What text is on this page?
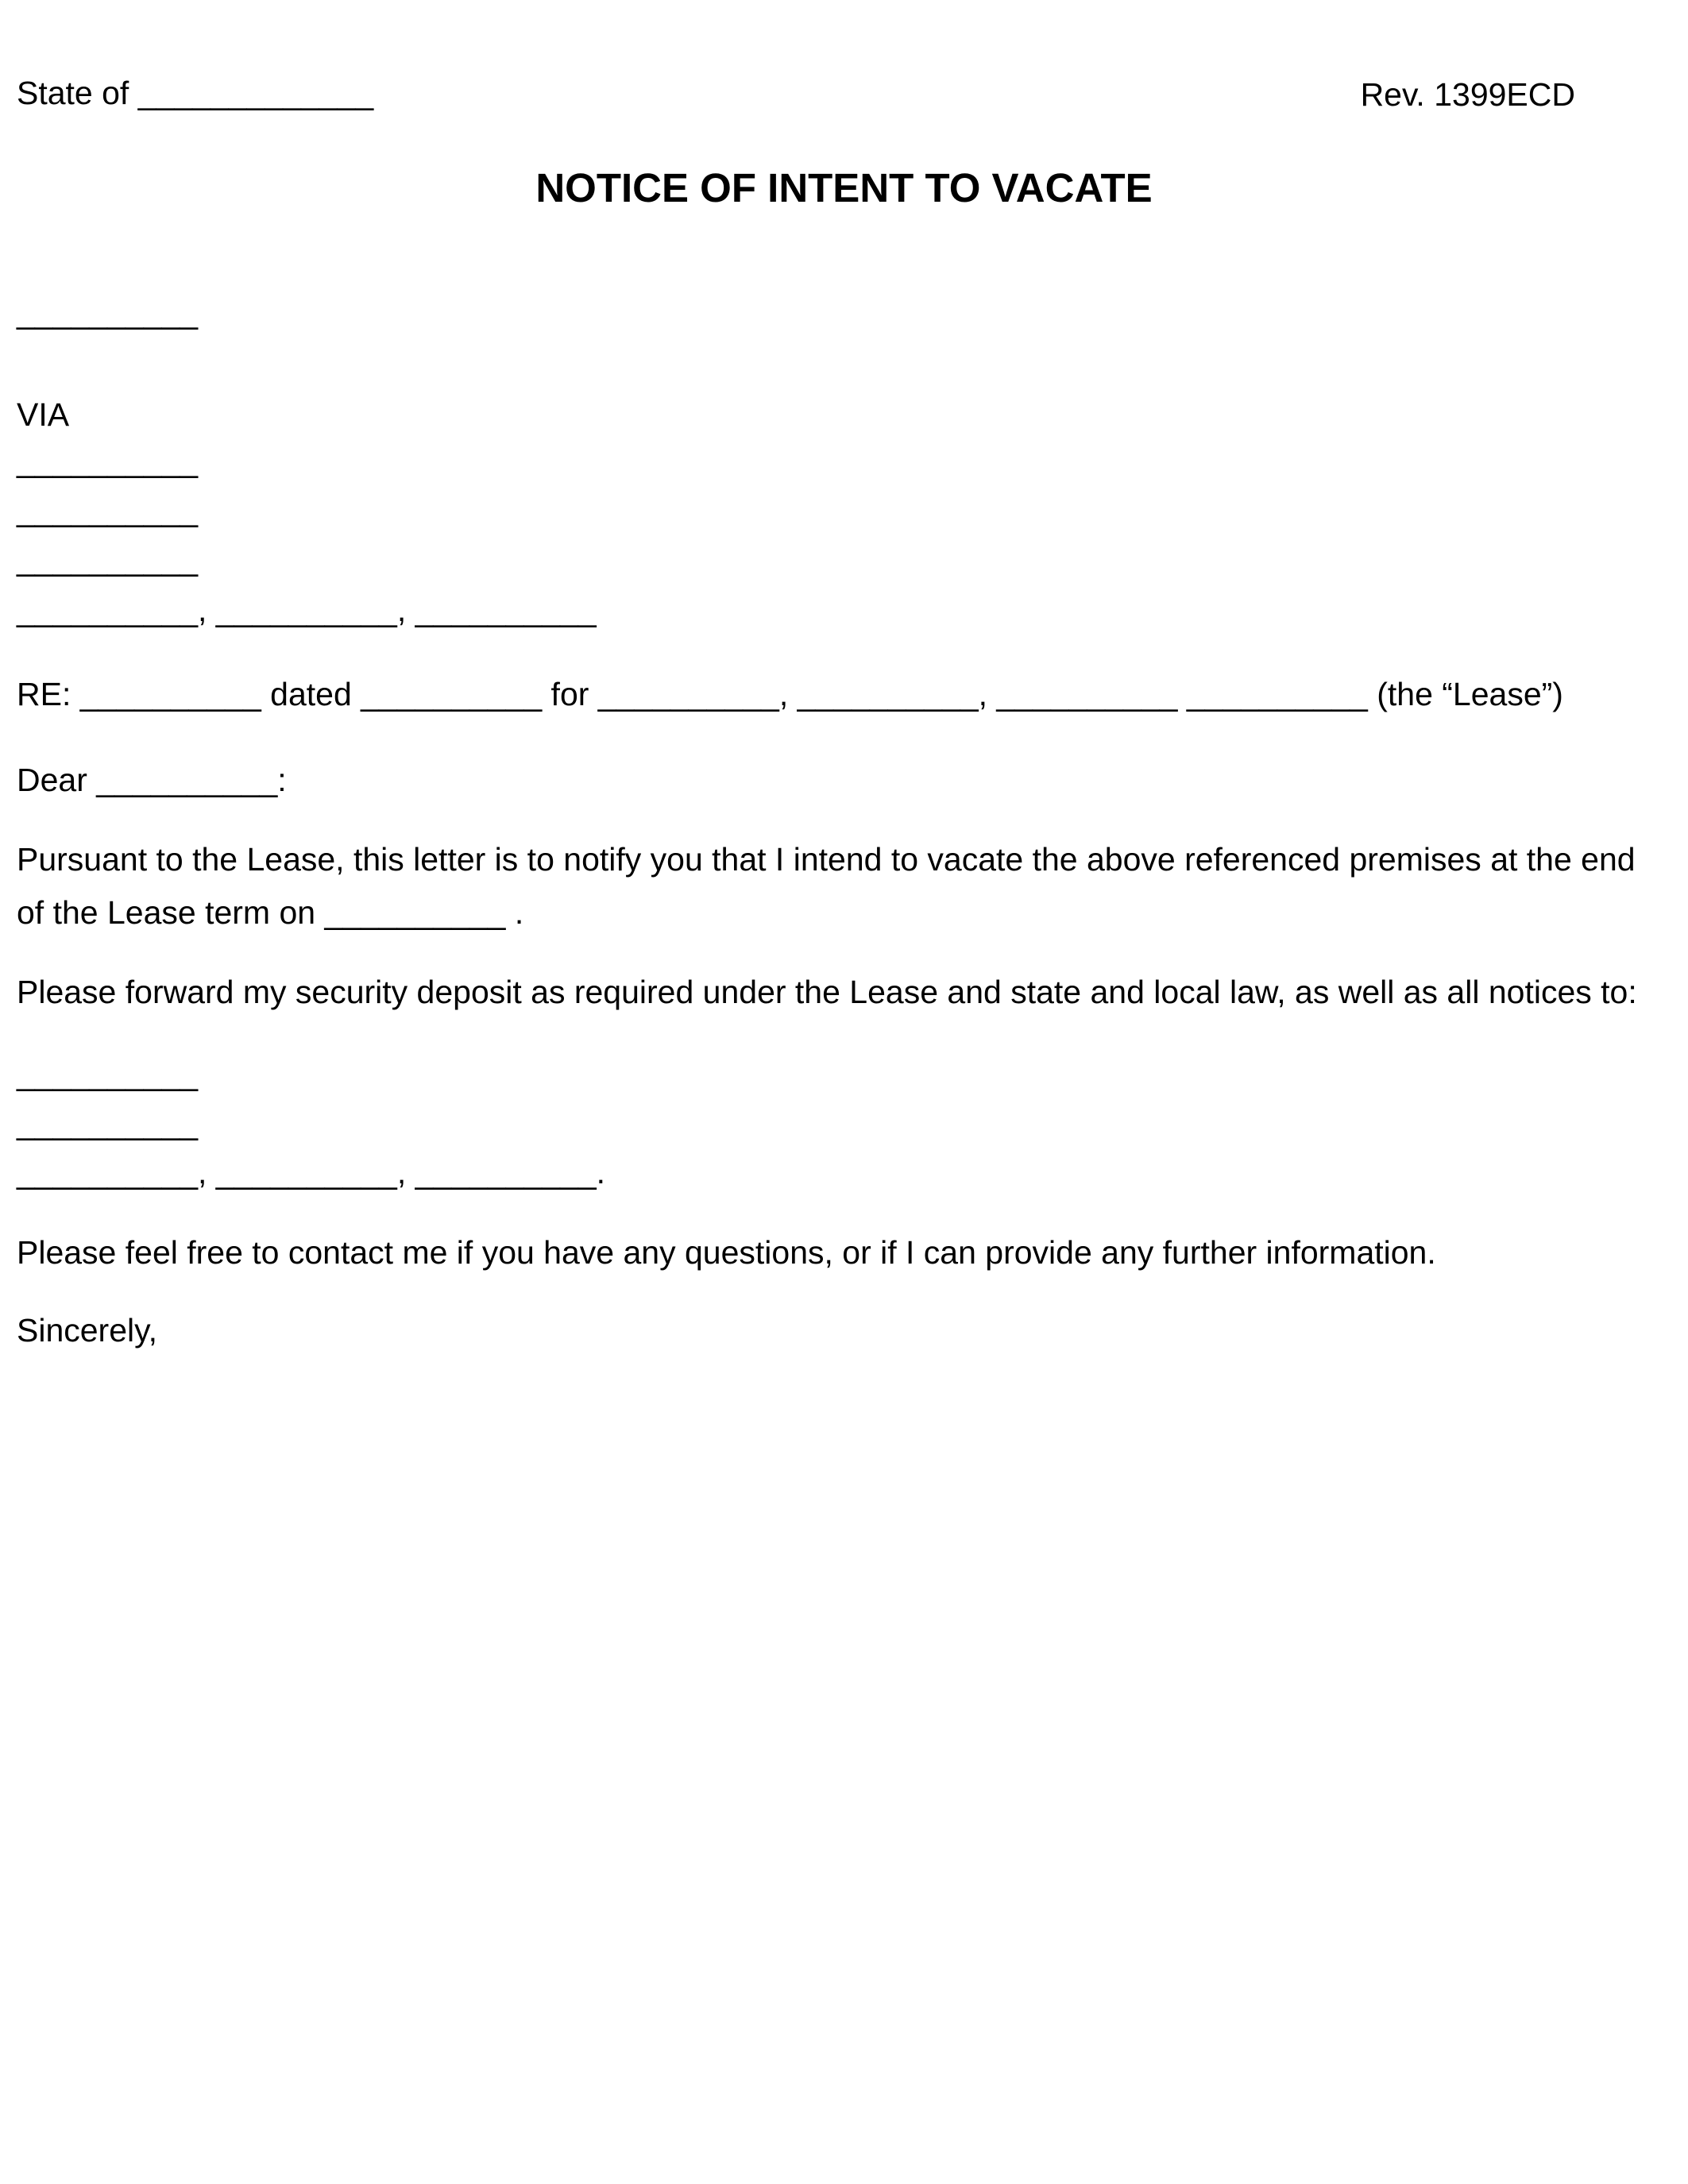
State of _____________	Rev. 1399ECD
NOTICE OF INTENT TO VACATE
__________
VIA
__________
__________
__________
__________, __________, __________
RE: __________ dated __________ for __________, __________, __________ __________ (the “Lease”)
Dear __________:
Pursuant to the Lease, this letter is to notify you that I intend to vacate the above referenced premises at the end
of the Lease term on __________ .
Please forward my security deposit as required under the Lease and state and local law, as well as all notices to:
__________
__________
__________, __________, __________.
Please feel free to contact me if you have any questions, or if I can provide any further information.
Sincerely,
